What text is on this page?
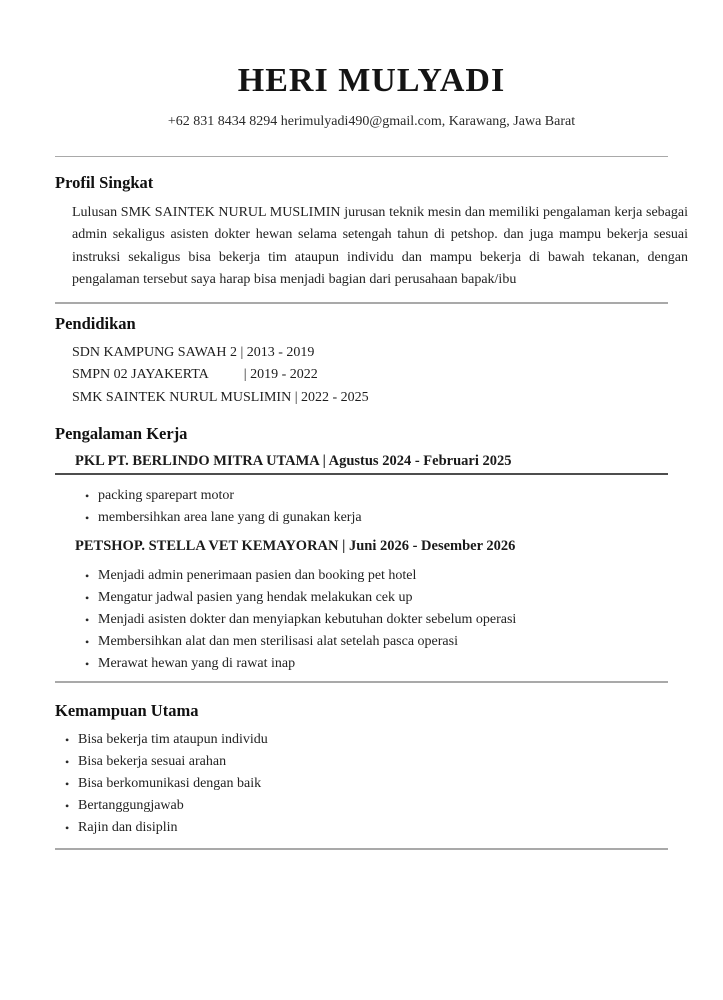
HERI MULYADI

+62 831 8434 8294 herimulyadi490@gmail.com, Karawang, Jawa Barat

Profil Singkat

Lulusan SMK SAINTEK NURUL MUSLIMIN jurusan teknik mesin dan memiliki pengalaman kerja sebagai admin sekaligus asisten dokter hewan selama setengah tahun di petshop. dan juga mampu bekerja sesuai instruksi sekaligus bisa bekerja tim ataupun individu dan mampu bekerja di bawah tekanan, dengan pengalaman tersebut saya harap bisa menjadi bagian dari perusahaan bapak/ibu

Pendidikan
SDN KAMPUNG SAWAH 2 | 2013 - 2019
SMPN 02 JAYAKERTA          | 2019 - 2022
SMK SAINTEK NURUL MUSLIMIN | 2022 - 2025
Pengalaman Kerja
PKL PT. BERLINDO MITRA UTAMA | Agustus 2024 - Februari 2025
• packing sparepart motor
• membersihkan area lane yang di gunakan kerja
PETSHOP. STELLA VET KEMAYORAN | Juni 2026 - Desember 2026
• Menjadi admin penerimaan pasien dan booking pet hotel
• Mengatur jadwal pasien yang hendak melakukan cek up
• Menjadi asisten dokter dan menyiapkan kebutuhan dokter sebelum operasi
• Membersihkan alat dan men sterilisasi alat setelah pasca operasi
• Merawat hewan yang di rawat inap
Kemampuan Utama
• Bisa bekerja tim ataupun individu
• Bisa bekerja sesuai arahan
• Bisa berkomunikasi dengan baik
• Bertanggungjawab
• Rajin dan disiplin
